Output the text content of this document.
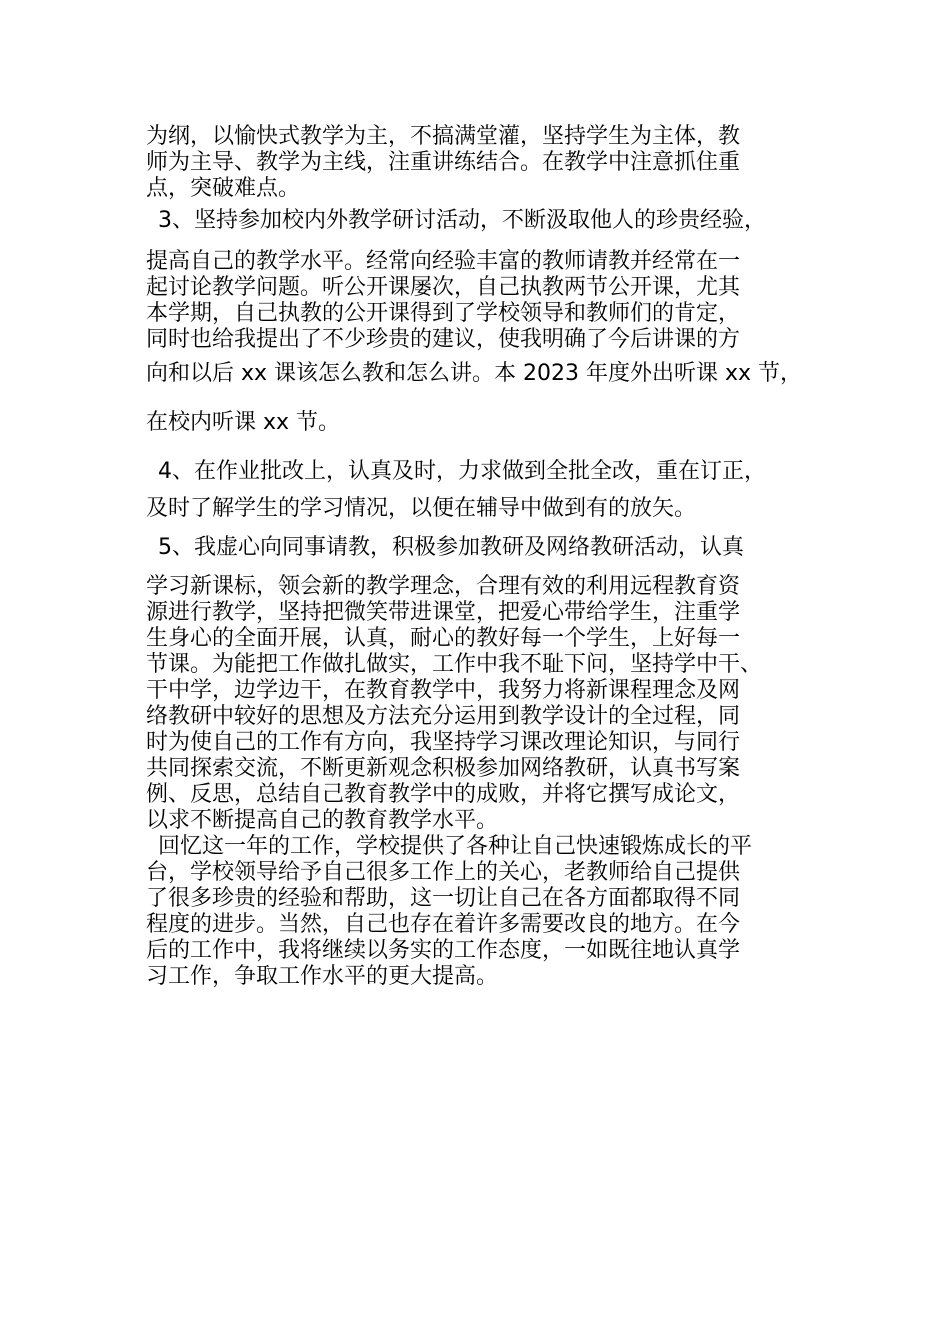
为纲，以愉快式教学为主，不搞满堂灌，坚持学生为主体，教

师为主导、教学为主线，注重讲练结合。在教学中注意抓住重

点，突破难点。

3、坚持参加校内外教学研讨活动，不断汲取他人的珍贵经验，

提高自己的教学水平。经常向经验丰富的教师请教并经常在一

起讨论教学问题。听公开课屡次，自己执教两节公开课，尤其

本学期，自己执教的公开课得到了学校领导和教师们的肯定，

同时也给我提出了不少珍贵的建议，使我明确了今后讲课的方

向和以后 xx 课该怎么教和怎么讲。本 2023 年度外出听课 xx 节，

在校内听课 xx 节。

4、在作业批改上，认真及时，力求做到全批全改，重在订正，

及时了解学生的学习情况，以便在辅导中做到有的放矢。

5、我虚心向同事请教，积极参加教研及网络教研活动，认真

学习新课标，领会新的教学理念，合理有效的利用远程教育资

源进行教学，坚持把微笑带进课堂，把爱心带给学生，注重学

生身心的全面开展，认真，耐心的教好每一个学生，上好每一

节课。为能把工作做扎做实，工作中我不耻下问，坚持学中干、

干中学，边学边干，在教育教学中，我努力将新课程理念及网

络教研中较好的思想及方法充分运用到教学设计的全过程，同

时为使自己的工作有方向，我坚持学习课改理论知识，与同行

共同探索交流，不断更新观念积极参加网络教研，认真书写案

例、反思，总结自己教育教学中的成败，并将它撰写成论文，

以求不断提高自己的教育教学水平。

回忆这一年的工作，学校提供了各种让自己快速锻炼成长的平

台，学校领导给予自己很多工作上的关心，老教师给自己提供

了很多珍贵的经验和帮助，这一切让自己在各方面都取得不同

程度的进步。当然，自己也存在着许多需要改良的地方。在今

后的工作中，我将继续以务实的工作态度，一如既往地认真学

习工作，争取工作水平的更大提高。
